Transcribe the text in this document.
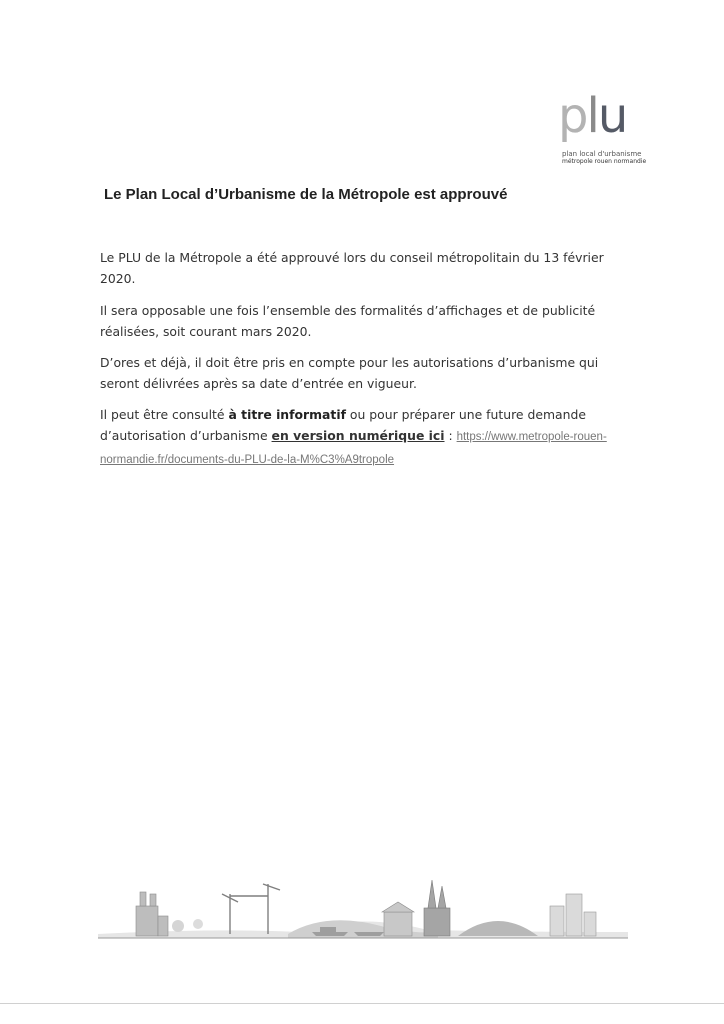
plu
plan local d'urbanisme
métropole rouen normandie
Le Plan Local d’Urbanisme de la Métropole est approuvé
Le PLU de la Métropole a été approuvé lors du conseil métropolitain du 13 février 2020.
Il sera opposable une fois l’ensemble des formalités d’affichages et de publicité réalisées, soit courant mars 2020.
D’ores et déjà, il doit être pris en compte pour les autorisations d’urbanisme qui seront délivrées après sa date d’entrée en vigueur.
Il peut être consulté à titre informatif ou pour préparer une future demande d’autorisation d’urbanisme en version numérique ici : https://www.metropole-rouen-normandie.fr/documents-du-PLU-de-la-M%C3%A9tropole
